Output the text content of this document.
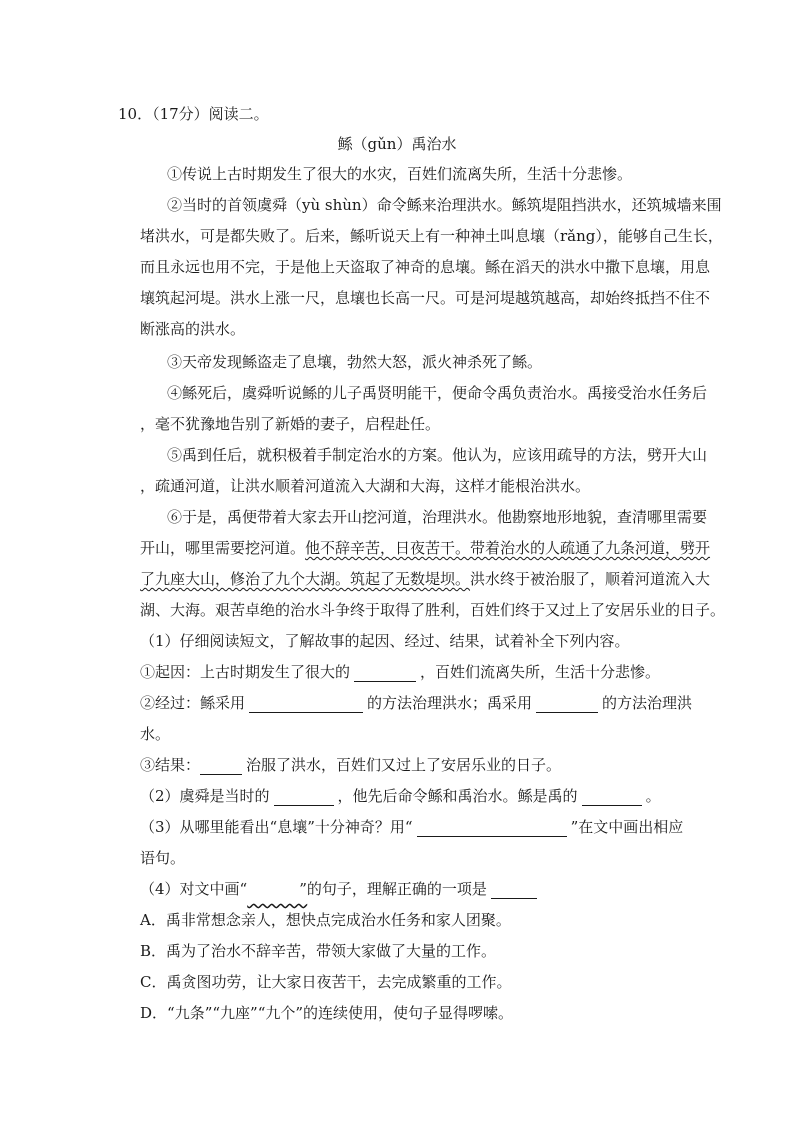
10．（17分）阅读二。
鲧（gǔn）禹治水
①传说上古时期发生了很大的水灾，百姓们流离失所，生活十分悲惨。
②当时的首领虞舜（yù shùn）命令鲧来治理洪水。鲧筑堤阻挡洪水，还筑城墙来围
堵洪水，可是都失败了。后来，鲧听说天上有一种神土叫息壤（rǎng），能够自己生长，
而且永远也用不完，于是他上天盗取了神奇的息壤。鲧在滔天的洪水中撒下息壤，用息
壤筑起河堤。洪水上涨一尺，息壤也长高一尺。可是河堤越筑越高，却始终抵挡不住不
断涨高的洪水。
③天帝发现鲧盗走了息壤，勃然大怒，派火神杀死了鲧。
④鲧死后，虞舜听说鲧的儿子禹贤明能干，便命令禹负责治水。禹接受治水任务后
，毫不犹豫地告别了新婚的妻子，启程赴任。
⑤禹到任后，就积极着手制定治水的方案。他认为，应该用疏导的方法，劈开大山
，疏通河道，让洪水顺着河道流入大湖和大海，这样才能根治洪水。
⑥于是，禹便带着大家去开山挖河道，治理洪水。他勘察地形地貌，查清哪里需要
开山，哪里需要挖河道。他不辞辛苦，日夜苦干。带着治水的人疏通了九条河道，劈开
了九座大山，修治了九个大湖。筑起了无数堤坝。洪水终于被治服了，顺着河道流入大
湖、大海。艰苦卓绝的治水斗争终于取得了胜利，百姓们终于又过上了安居乐业的日子。
（1）仔细阅读短文，了解故事的起因、经过、结果，试着补全下列内容。
①起因：上古时期发生了很大的	，百姓们流离失所，生活十分悲惨。
②经过：鲧采用	的方法治理洪水；禹采用	的方法治理洪
水。
③结果：	治服了洪水，百姓们又过上了安居乐业的日子。
（2）虞舜是当时的	，他先后命令鲧和禹治水。鲧是禹的	。
（3）从哪里能看出“息壤”十分神奇？用“	”在文中画出相应
语句。
（4）对文中画“	”的句子，理解正确的一项是
A．禹非常想念亲人，想快点完成治水任务和家人团聚。
B．禹为了治水不辞辛苦，带领大家做了大量的工作。
C．禹贪图功劳，让大家日夜苦干，去完成繁重的工作。
D．“九条”“九座”“九个”的连续使用，使句子显得啰嗦。
